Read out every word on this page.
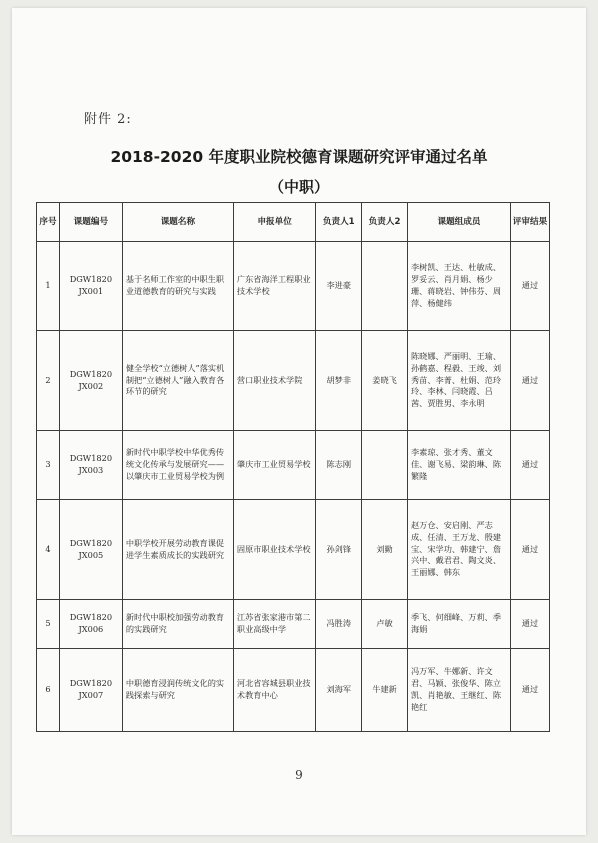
附件 2:
2018-2020 年度职业院校德育课题研究评审通过名单
（中职）
序号	课题编号	课题名称	申报单位	负责人1	负责人2	课题组成员	评审结果
1	DGW1820 JX001	基于名师工作室的中职生职业道德教育的研究与实践	广东省海洋工程职业技术学校	李进豪		李树凯、王达、杜敏成、罗妥云、肖月娟、杨少珊、蒋晓岩、钟伟芬、周萍、杨健纬	通过
2	DGW1820 JX002	健全学校“立德树人”落实机制把“立德树人”融入教育各环节的研究	营口职业技术学院	胡梦非	姜晓飞	陈晓娜、严丽明、王瑜、孙鹤嘉、程毅、王竣、刘秀苗、李菁、杜娟、范玲玲、李林、闫晓霞、吕茜、贾胜男、李永明	通过
3	DGW1820 JX003	新时代中职学校中华优秀传统文化传承与发展研究——以肇庆市工业贸易学校为例	肇庆市工业贸易学校	陈志刚		李素琼、张才秀、董文佳、谢飞易、梁韵琳、陈繁隆	通过
4	DGW1820 JX005	中职学校开展劳动教育课促进学生素质成长的实践研究	固原市职业技术学校	孙剑锋	刘勤	赵万仓、安启刚、严志成、任清、王万龙、殷建宝、宋学功、韩建宁、詹兴中、戴君君、陶文炎、王丽娜、韩东	通过
5	DGW1820 JX006	新时代中职校加强劳动教育的实践研究	江苏省张家港市第二职业高级中学	冯胜涛	卢敏	季飞、何细峰、万莉、季海娟	通过
6	DGW1820 JX007	中职德育浸润传统文化的实践探索与研究	河北省容城县职业技术教育中心	刘海军	牛建新	冯万军、牛娜新、许文君、马颖、张俊华、陈立凯、肖艳敏、王继红、陈艳红	通过
9
